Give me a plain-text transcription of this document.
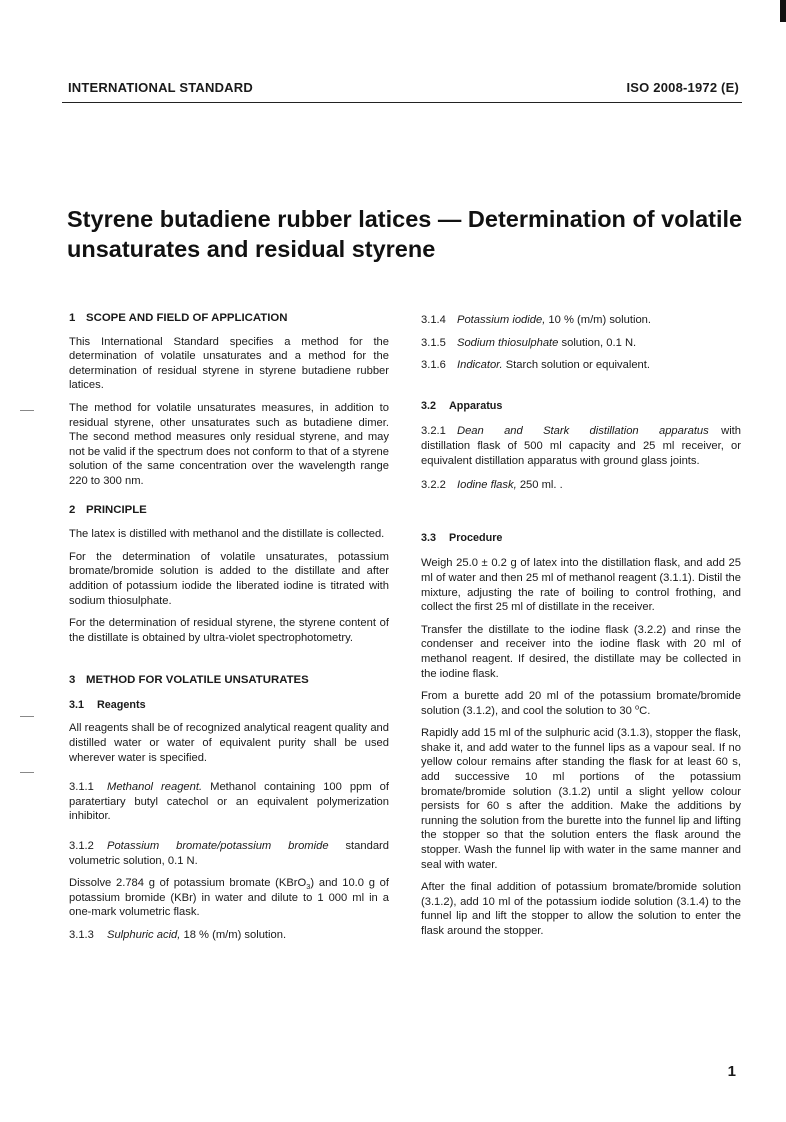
INTERNATIONAL STANDARD	ISO 2008-1972 (E)
Styrene butadiene rubber latices — Determination of volatile unsaturates and residual styrene
1 SCOPE AND FIELD OF APPLICATION

This International Standard specifies a method for the determination of volatile unsaturates and a method for the determination of residual styrene in styrene butadiene rubber latices.

The method for volatile unsaturates measures, in addition to residual styrene, other unsaturates such as butadiene dimer. The second method measures only residual styrene, and may not be valid if the spectrum does not conform to that of a styrene solution of the same concentration over the wavelength range 220 to 300 nm.

2 PRINCIPLE

The latex is distilled with methanol and the distillate is collected.

For the determination of volatile unsaturates, potassium bromate/bromide solution is added to the distillate and after addition of potassium iodide the liberated iodine is titrated with sodium thiosulphate.

For the determination of residual styrene, the styrene content of the distillate is obtained by ultra-violet spectrophotometry.

3 METHOD FOR VOLATILE UNSATURATES
3.1 Reagents

All reagents shall be of recognized analytical reagent quality and distilled water or water of equivalent purity shall be used wherever water is specified.

3.1.1 Methanol reagent. Methanol containing 100 ppm of paratertiary butyl catechol or an equivalent polymerization inhibitor.

3.1.2 Potassium bromate/potassium bromide standard volumetric solution, 0.1 N.

Dissolve 2.784 g of potassium bromate (KBrO$_3$) and 10.0 g of potassium bromide (KBr) in water and dilute to 1 000 ml in a one-mark volumetric flask.

3.1.3 Sulphuric acid, 18 % (m/m) solution.

3.1.4 Potassium iodide, 10 % (m/m) solution.

3.1.5 Sodium thiosulphate solution, 0.1 N.

3.1.6 Indicator. Starch solution or equivalent.

3.2 Apparatus

3.2.1 Dean and Stark distillation apparatus with distillation flask of 500 ml capacity and 25 ml receiver, or equivalent distillation apparatus with ground glass joints.

3.2.2 Iodine flask, 250 ml. .

3.3 Procedure

Weigh 25.0 ± 0.2 g of latex into the distillation flask, and add 25 ml of water and then 25 ml of methanol reagent (3.1.1). Distil the mixture, adjusting the rate of boiling to control frothing, and collect the first 25 ml of distillate in the receiver.

Transfer the distillate to the iodine flask (3.2.2) and rinse the condenser and receiver into the iodine flask with 20 ml of methanol reagent. If desired, the distillate may be collected in the iodine flask.

From a burette add 20 ml of the potassium bromate/bromide solution (3.1.2), and cool the solution to 30 $^o$C.

Rapidly add 15 ml of the sulphuric acid (3.1.3), stopper the flask, shake it, and add water to the funnel lips as a vapour seal. If no yellow colour remains after standing the flask for at least 60 s, add successive 10 ml portions of the potassium bromate/bromide solution (3.1.2) until a slight yellow colour persists for 60 s after the addition. Make the additions by running the solution from the burette into the funnel lip and lifting the stopper so that the solution enters the flask around the stopper. Wash the funnel lip with water in the same manner and seal with water.

After the final addition of potassium bromate/bromide solution (3.1.2), add 10 ml of the potassium iodide solution (3.1.4) to the funnel lip and lift the stopper to allow the solution to enter the flask around the stopper.

1
